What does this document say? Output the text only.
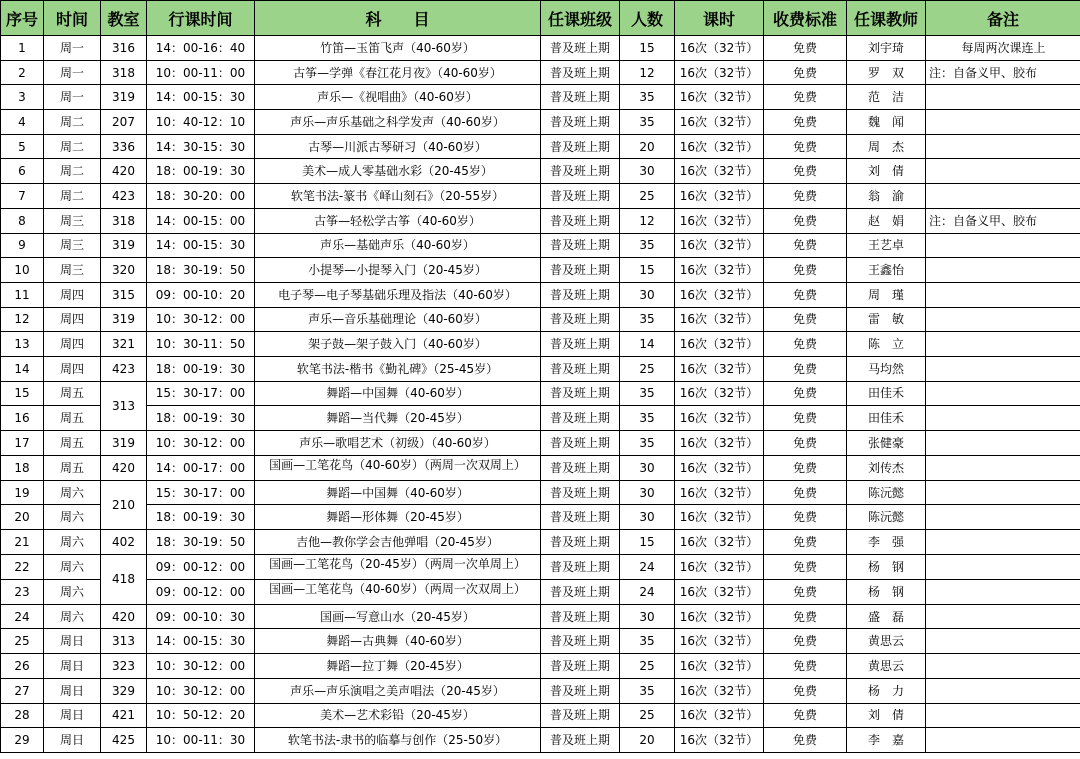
序号	时间	教室	行课时间	科　　目	任课班级	人数	课时	收费标准	任课教师	备注
1	周一	316	14：00-16：40	竹笛—玉笛飞声（40-60岁）	普及班上期	15	16次（32节）	免费	刘宇琦	每周两次课连上
2	周一	318	10：00-11：00	古筝—学弹《春江花月夜》（40-60岁）	普及班上期	12	16次（32节）	免费	罗　双	注：自备义甲、胶布
3	周一	319	14：00-15：30	声乐—《视唱曲》（40-60岁）	普及班上期	35	16次（32节）	免费	范　洁	
4	周二	207	10：40-12：10	声乐—声乐基础之科学发声（40-60岁）	普及班上期	35	16次（32节）	免费	魏　闻	
5	周二	336	14：30-15：30	古琴—川派古琴研习（40-60岁）	普及班上期	20	16次（32节）	免费	周　杰	
6	周二	420	18：00-19：30	美术—成人零基础水彩（20-45岁）	普及班上期	30	16次（32节）	免费	刘　倩	
7	周二	423	18：30-20：00	软笔书法-篆书《峄山刻石》（20-55岁）	普及班上期	25	16次（32节）	免费	翁　渝	
8	周三	318	14：00-15：00	古筝—轻松学古筝（40-60岁）	普及班上期	12	16次（32节）	免费	赵　娟	注：自备义甲、胶布
9	周三	319	14：00-15：30	声乐—基础声乐（40-60岁）	普及班上期	35	16次（32节）	免费	王艺卓	
10	周三	320	18：30-19：50	小提琴—小提琴入门（20-45岁）	普及班上期	15	16次（32节）	免费	王鑫怡	
11	周四	315	09：00-10：20	电子琴—电子琴基础乐理及指法（40-60岁）	普及班上期	30	16次（32节）	免费	周　瑾	
12	周四	319	10：30-12：00	声乐—音乐基础理论（40-60岁）	普及班上期	35	16次（32节）	免费	雷　敏	
13	周四	321	10：30-11：50	架子鼓—架子鼓入门（40-60岁）	普及班上期	14	16次（32节）	免费	陈　立	
14	周四	423	18：00-19：30	软笔书法-楷书《勤礼碑》（25-45岁）	普及班上期	25	16次（32节）	免费	马均然	
15	周五	313	15：30-17：00	舞蹈—中国舞（40-60岁）	普及班上期	35	16次（32节）	免费	田佳禾	
16	周五		18：00-19：30	舞蹈—当代舞（20-45岁）	普及班上期	35	16次（32节）	免费	田佳禾	
17	周五	319	10：30-12：00	声乐—歌唱艺术（初级）（40-60岁）	普及班上期	35	16次（32节）	免费	张健豪	
18	周五	420	14：00-17：00	国画—工笔花鸟（40-60岁）（两周一次双周上）	普及班上期	30	16次（32节）	免费	刘传杰	
19	周六	210	15：30-17：00	舞蹈—中国舞（40-60岁）	普及班上期	30	16次（32节）	免费	陈沅懿	
20	周六		18：00-19：30	舞蹈—形体舞（20-45岁）	普及班上期	30	16次（32节）	免费	陈沅懿	
21	周六	402	18：30-19：50	吉他—教你学会吉他弹唱（20-45岁）	普及班上期	15	16次（32节）	免费	李　强	
22	周六	418	09：00-12：00	国画—工笔花鸟（20-45岁）（两周一次单周上）	普及班上期	24	16次（32节）	免费	杨　钢	
23	周六		09：00-12：00	国画—工笔花鸟（40-60岁）（两周一次双周上）	普及班上期	24	16次（32节）	免费	杨　钢	
24	周六	420	09：00-10：30	国画—写意山水（20-45岁）	普及班上期	30	16次（32节）	免费	盛　磊	
25	周日	313	14：00-15：30	舞蹈—古典舞（40-60岁）	普及班上期	35	16次（32节）	免费	黄思云	
26	周日	323	10：30-12：00	舞蹈—拉丁舞（20-45岁）	普及班上期	25	16次（32节）	免费	黄思云	
27	周日	329	10：30-12：00	声乐—声乐演唱之美声唱法（20-45岁）	普及班上期	35	16次（32节）	免费	杨　力	
28	周日	421	10：50-12：20	美术—艺术彩铅（20-45岁）	普及班上期	25	16次（32节）	免费	刘　倩	
29	周日	425	10：00-11：30	软笔书法-隶书的临摹与创作（25-50岁）	普及班上期	20	16次（32节）	免费	李　嘉	
